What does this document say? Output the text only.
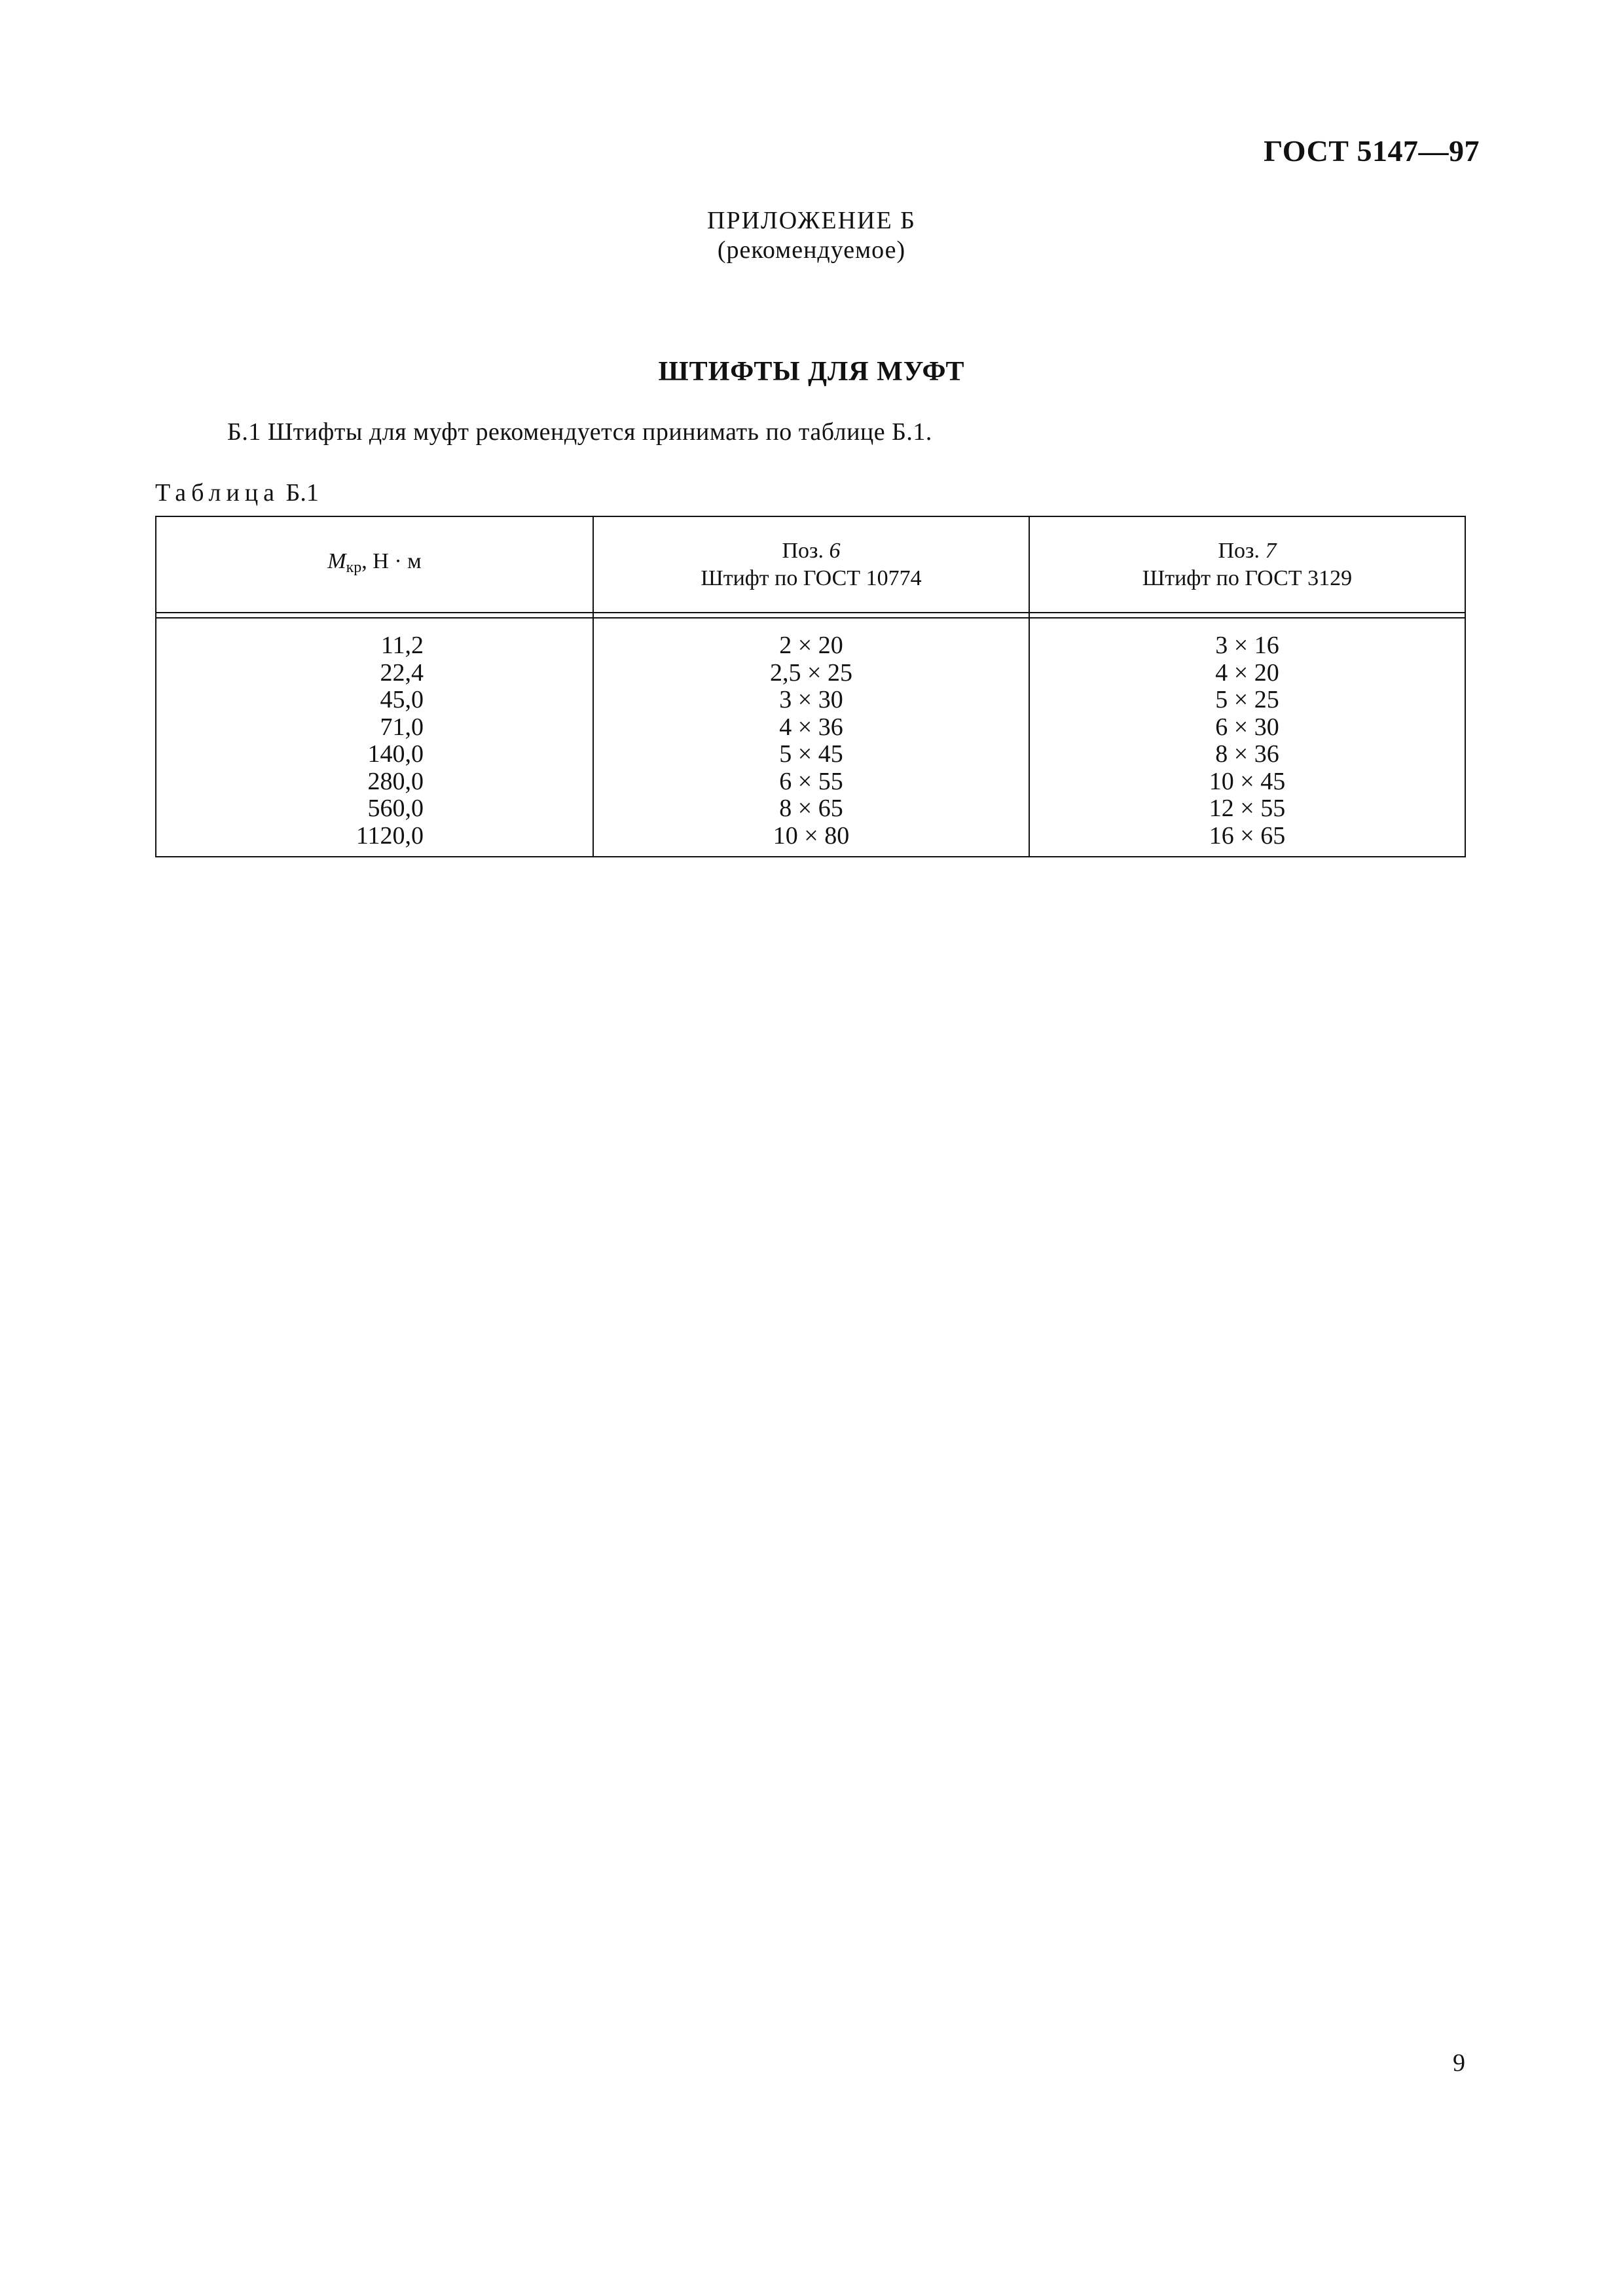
ГОСТ 5147—97
ПРИЛОЖЕНИЕ Б
(рекомендуемое)
ШТИФТЫ ДЛЯ МУФТ
Б.1 Штифты для муфт рекомендуется принимать по таблице Б.1.
Таблица Б.1
$M_{кр}$, Н · м	Поз. 6
Штифт по ГОСТ 10774
Поз. 7
Штифт по ГОСТ 3129
11,2
22,4
45,0
71,0
140,0
280,0
560,0
1120,0
2 × 20
2,5 × 25
3 × 30
4 × 36
5 × 45
6 × 55
8 × 65
10 × 80
3 × 16
4 × 20
5 × 25
6 × 30
8 × 36
10 × 45
12 × 55
16 × 65
9
